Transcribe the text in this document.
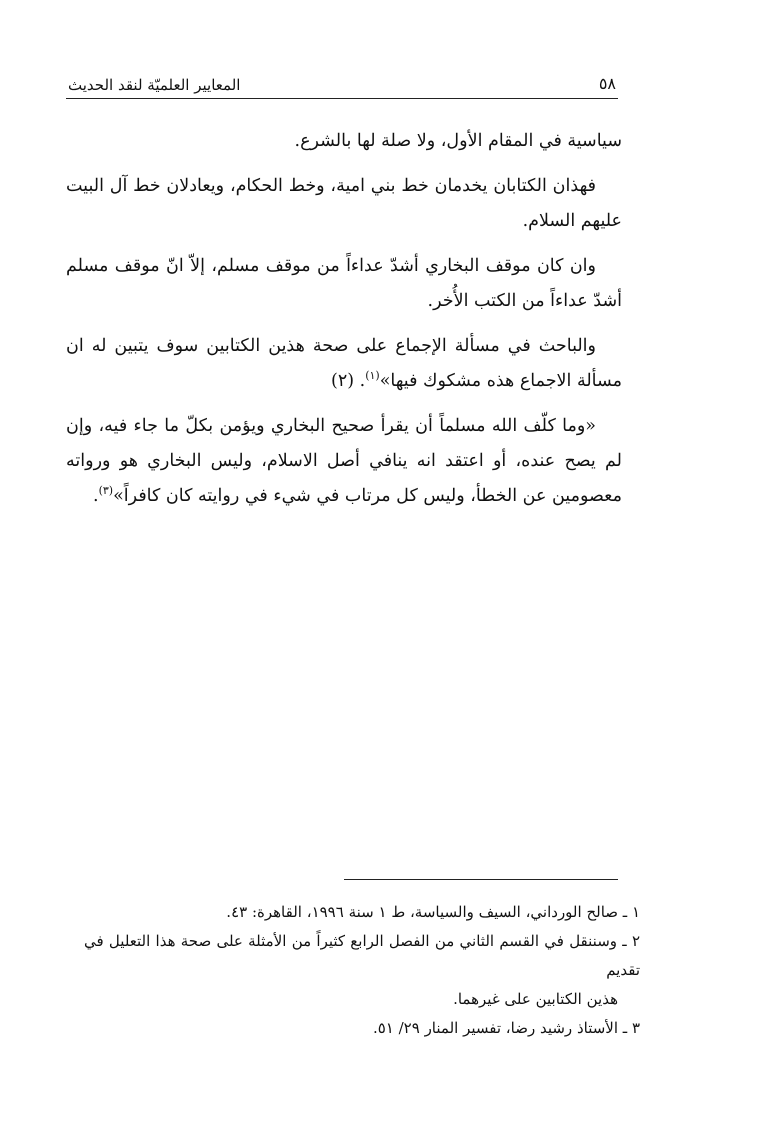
٥٨
المعايير العلميّة لنقد الحديث

سياسية في المقام الأول، ولا صلة لها بالشرع.

فهذان الكتابان يخدمان خط بني امية، وخط الحكام، ويعادلان خط آل البيت عليهم السلام.

وان كان موقف البخاري أشدّ عداءاً من موقف مسلم، إلاّ انّ موقف مسلم أشدّ عداءاً من الكتب الأُخر.

والباحث في مسألة الإجماع على صحة هذين الكتابين سوف يتبين له ان مسألة الاجماع هذه مشكوك فيها»$^{(١)}$. (٢)

«وما كلّف الله مسلماً أن يقرأ صحيح البخاري ويؤمن بكلّ ما جاء فيه، وإن لم يصح عنده، أو اعتقد انه ينافي أصل الاسلام، وليس البخاري هو ورواته معصومين عن الخطأ، وليس كل مرتاب في شيء في روايته كان كافراً»$^{(٣)}$.

١ ـ صالح الورداني، السيف والسياسة، ط ١ سنة ١٩٩٦، القاهرة: ٤٣.

٢ ـ وسننقل في القسم الثاني من الفصل الرابع كثيراً من الأمثلة على صحة هذا التعليل في تقديم
هذين الكتابين على غيرهما.

٣ ـ الأستاذ رشيد رضا، تفسير المنار ٢٩/ ٥١.
